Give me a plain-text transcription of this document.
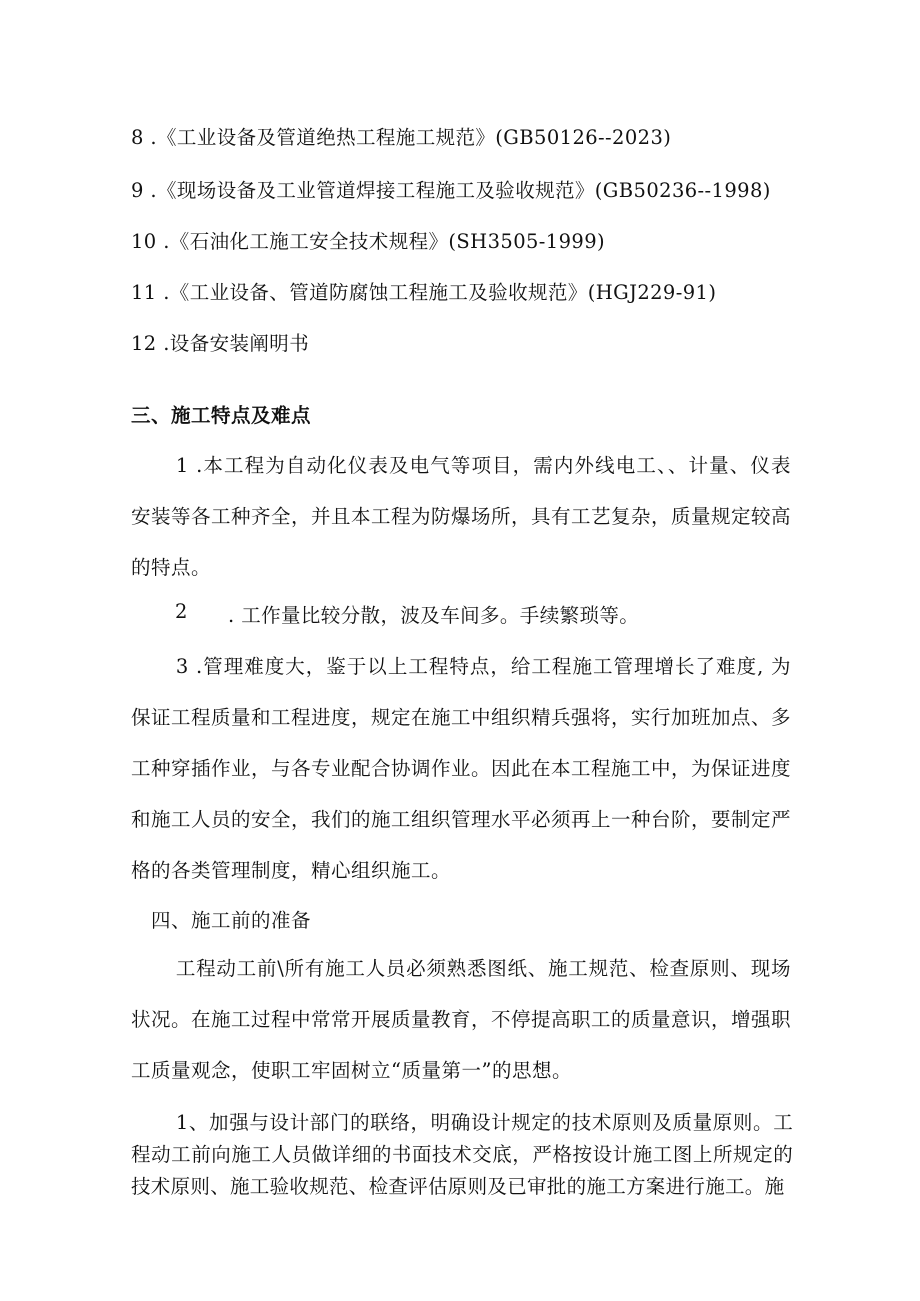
8 .《工业设备及管道绝热工程施工规范》(GB50126--2023)
9 .《现场设备及工业管道焊接工程施工及验收规范》(GB50236--1998)
10 .《石油化工施工安全技术规程》(SH3505-1999)
11 .《工业设备、管道防腐蚀工程施工及验收规范》(HGJ229-91)
12 .设备安装阐明书
三、施工特点及难点
1 .本工程为自动化仪表及电气等项目，需内外线电工、、计量、仪表安装等各工种齐全，并且本工程为防爆场所，具有工艺复杂，质量规定较高的特点。
2 . 工作量比较分散，波及车间多。手续繁琐等。
3 .管理难度大，鉴于以上工程特点，给工程施工管理增长了难度, 为保证工程质量和工程进度，规定在施工中组织精兵强将，实行加班加点、多工种穿插作业，与各专业配合协调作业。因此在本工程施工中，为保证进度和施工人员的安全，我们的施工组织管理水平必须再上一种台阶，要制定严格的各类管理制度，精心组织施工。
四、施工前的准备
工程动工前\所有施工人员必须熟悉图纸、施工规范、检查原则、现场状况。在施工过程中常常开展质量教育，不停提高职工的质量意识，增强职工质量观念，使职工牢固树立“质量第一”的思想。
1、加强与设计部门的联络，明确设计规定的技术原则及质量原则。工程动工前向施工人员做详细的书面技术交底，严格按设计施工图上所规定的技术原则、施工验收规范、检查评估原则及已审批的施工方案进行施工。施
